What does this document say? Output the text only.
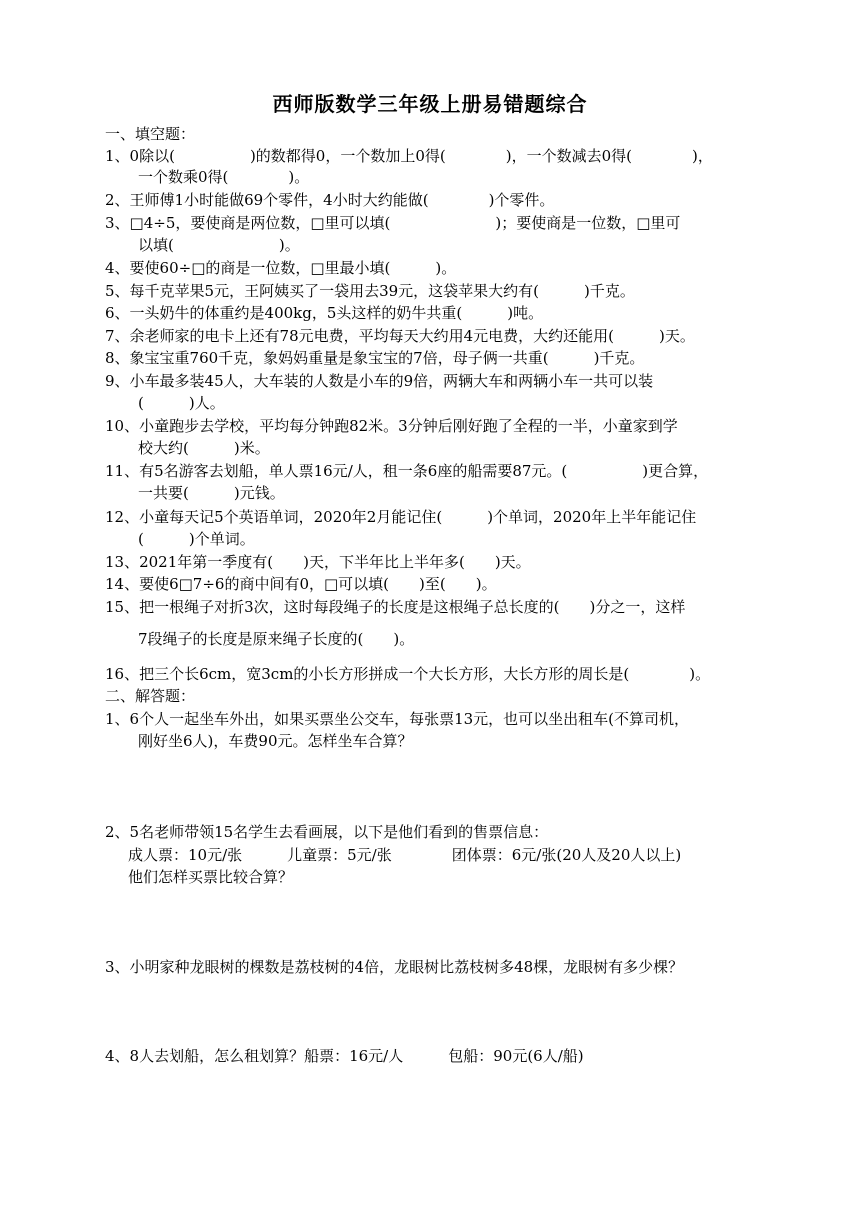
西师版数学三年级上册易错题综合
一、填空题：
1、0除以(　　　　　)的数都得0，一个数加上0得(　　　　)，一个数减去0得(　　　　)，
一个数乘0得(　　　　)。
2、王师傅1小时能做69个零件，4小时大约能做(　　　　)个零件。
3、□4÷5，要使商是两位数，□里可以填(　　　　　　　)；要使商是一位数，□里可
以填(　　　　　　　)。
4、要使60÷□的商是一位数，□里最小填(　　　)。
5、每千克苹果5元，王阿姨买了一袋用去39元，这袋苹果大约有(　　　)千克。
6、一头奶牛的体重约是400kg，5头这样的奶牛共重(　　　)吨。
7、余老师家的电卡上还有78元电费，平均每天大约用4元电费，大约还能用(　　　)天。
8、象宝宝重760千克，象妈妈重量是象宝宝的7倍，母子俩一共重(　　　)千克。
9、小车最多装45人，大车装的人数是小车的9倍，两辆大车和两辆小车一共可以装
(　　　)人。
10、小童跑步去学校，平均每分钟跑82米。3分钟后刚好跑了全程的一半，小童家到学
校大约(　　　)米。
11、有5名游客去划船，单人票16元/人，租一条6座的船需要87元。(　　　　　)更合算，
一共要(　　　)元钱。
12、小童每天记5个英语单词，2020年2月能记住(　　　)个单词，2020年上半年能记住
(　　　)个单词。
13、2021年第一季度有(　　)天，下半年比上半年多(　　)天。
14、要使6□7÷6的商中间有0，□可以填(　　)至(　　)。
15、把一根绳子对折3次，这时每段绳子的长度是这根绳子总长度的(　　)分之一，这样
7段绳子的长度是原来绳子长度的(　　)。
16、把三个长6cm，宽3cm的小长方形拼成一个大长方形，大长方形的周长是(　　　　)。
二、解答题：
1、6个人一起坐车外出，如果买票坐公交车，每张票13元，也可以坐出租车(不算司机，
刚好坐6人)，车费90元。怎样坐车合算？
2、5名老师带领15名学生去看画展，以下是他们看到的售票信息：
成人票：10元/张　　　儿童票：5元/张　　　　团体票：6元/张(20人及20人以上)
他们怎样买票比较合算？
3、小明家种龙眼树的棵数是荔枝树的4倍，龙眼树比荔枝树多48棵，龙眼树有多少棵？
4、8人去划船，怎么租划算？船票：16元/人　　　包船：90元(6人/船)
